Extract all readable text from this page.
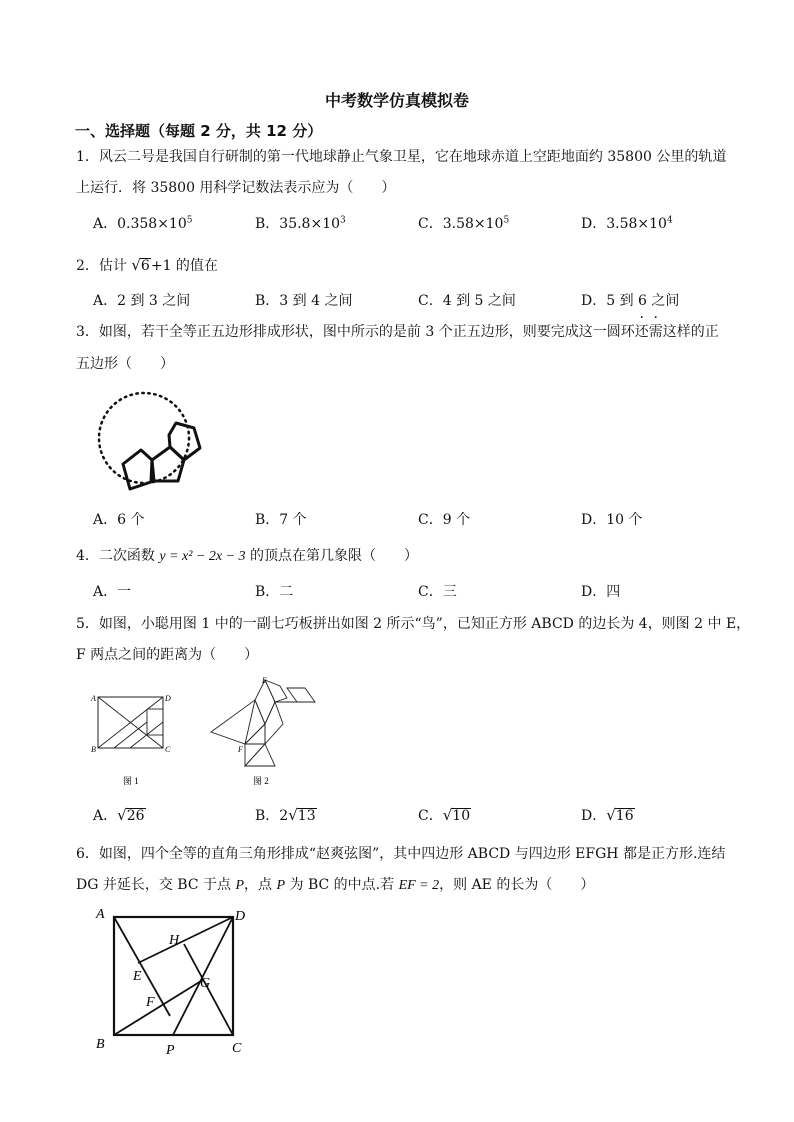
中考数学仿真模拟卷
一、选择题（每题 2 分，共 12 分）
1．风云二号是我国自行研制的第一代地球静止气象卫星，它在地球赤道上空距地面约 35800 公里的轨道
上运行．将 35800 用科学记数法表示应为（　　）
A．$0.358\times 10^5$	B．$35.8\times 10^3$	C．$3.58\times 10^5$	D．$3.58\times 10^4$
2．估计 √6+1 的值在
A．2 到 3 之间	B．3 到 4 之间	C．4 到 5 之间	D．5 到 6 之间
3．如图，若干全等正五边形排成形状，图中所示的是前 3 个正五边形，则要完成这一圆环还需这样的正
五边形（　　）
A．6 个	B．7 个	C．9 个	D．10 个
4．二次函数 y = x² − 2x − 3 的顶点在第几象限（　　）
A．一	B．二	C．三	D．四
5．如图，小聪用图 1 中的一副七巧板拼出如图 2 所示“鸟”，已知正方形 ABCD 的边长为 4，则图 2 中 E，
F 两点之间的距离为（　　）
A	D
B	C
图 1
E
F
图 2
A．√26	B．2√13	C．√10	D．√16
6．如图，四个全等的直角三角形排成“赵爽弦图”，其中四边形 ABCD 与四边形 EFGH 都是正方形.连结
DG 并延长，交 BC 于点 P，点 P 为 BC 的中点.若 EF = 2，则 AE 的长为（　　）
A	D
H
E	G
F
B	P	C
